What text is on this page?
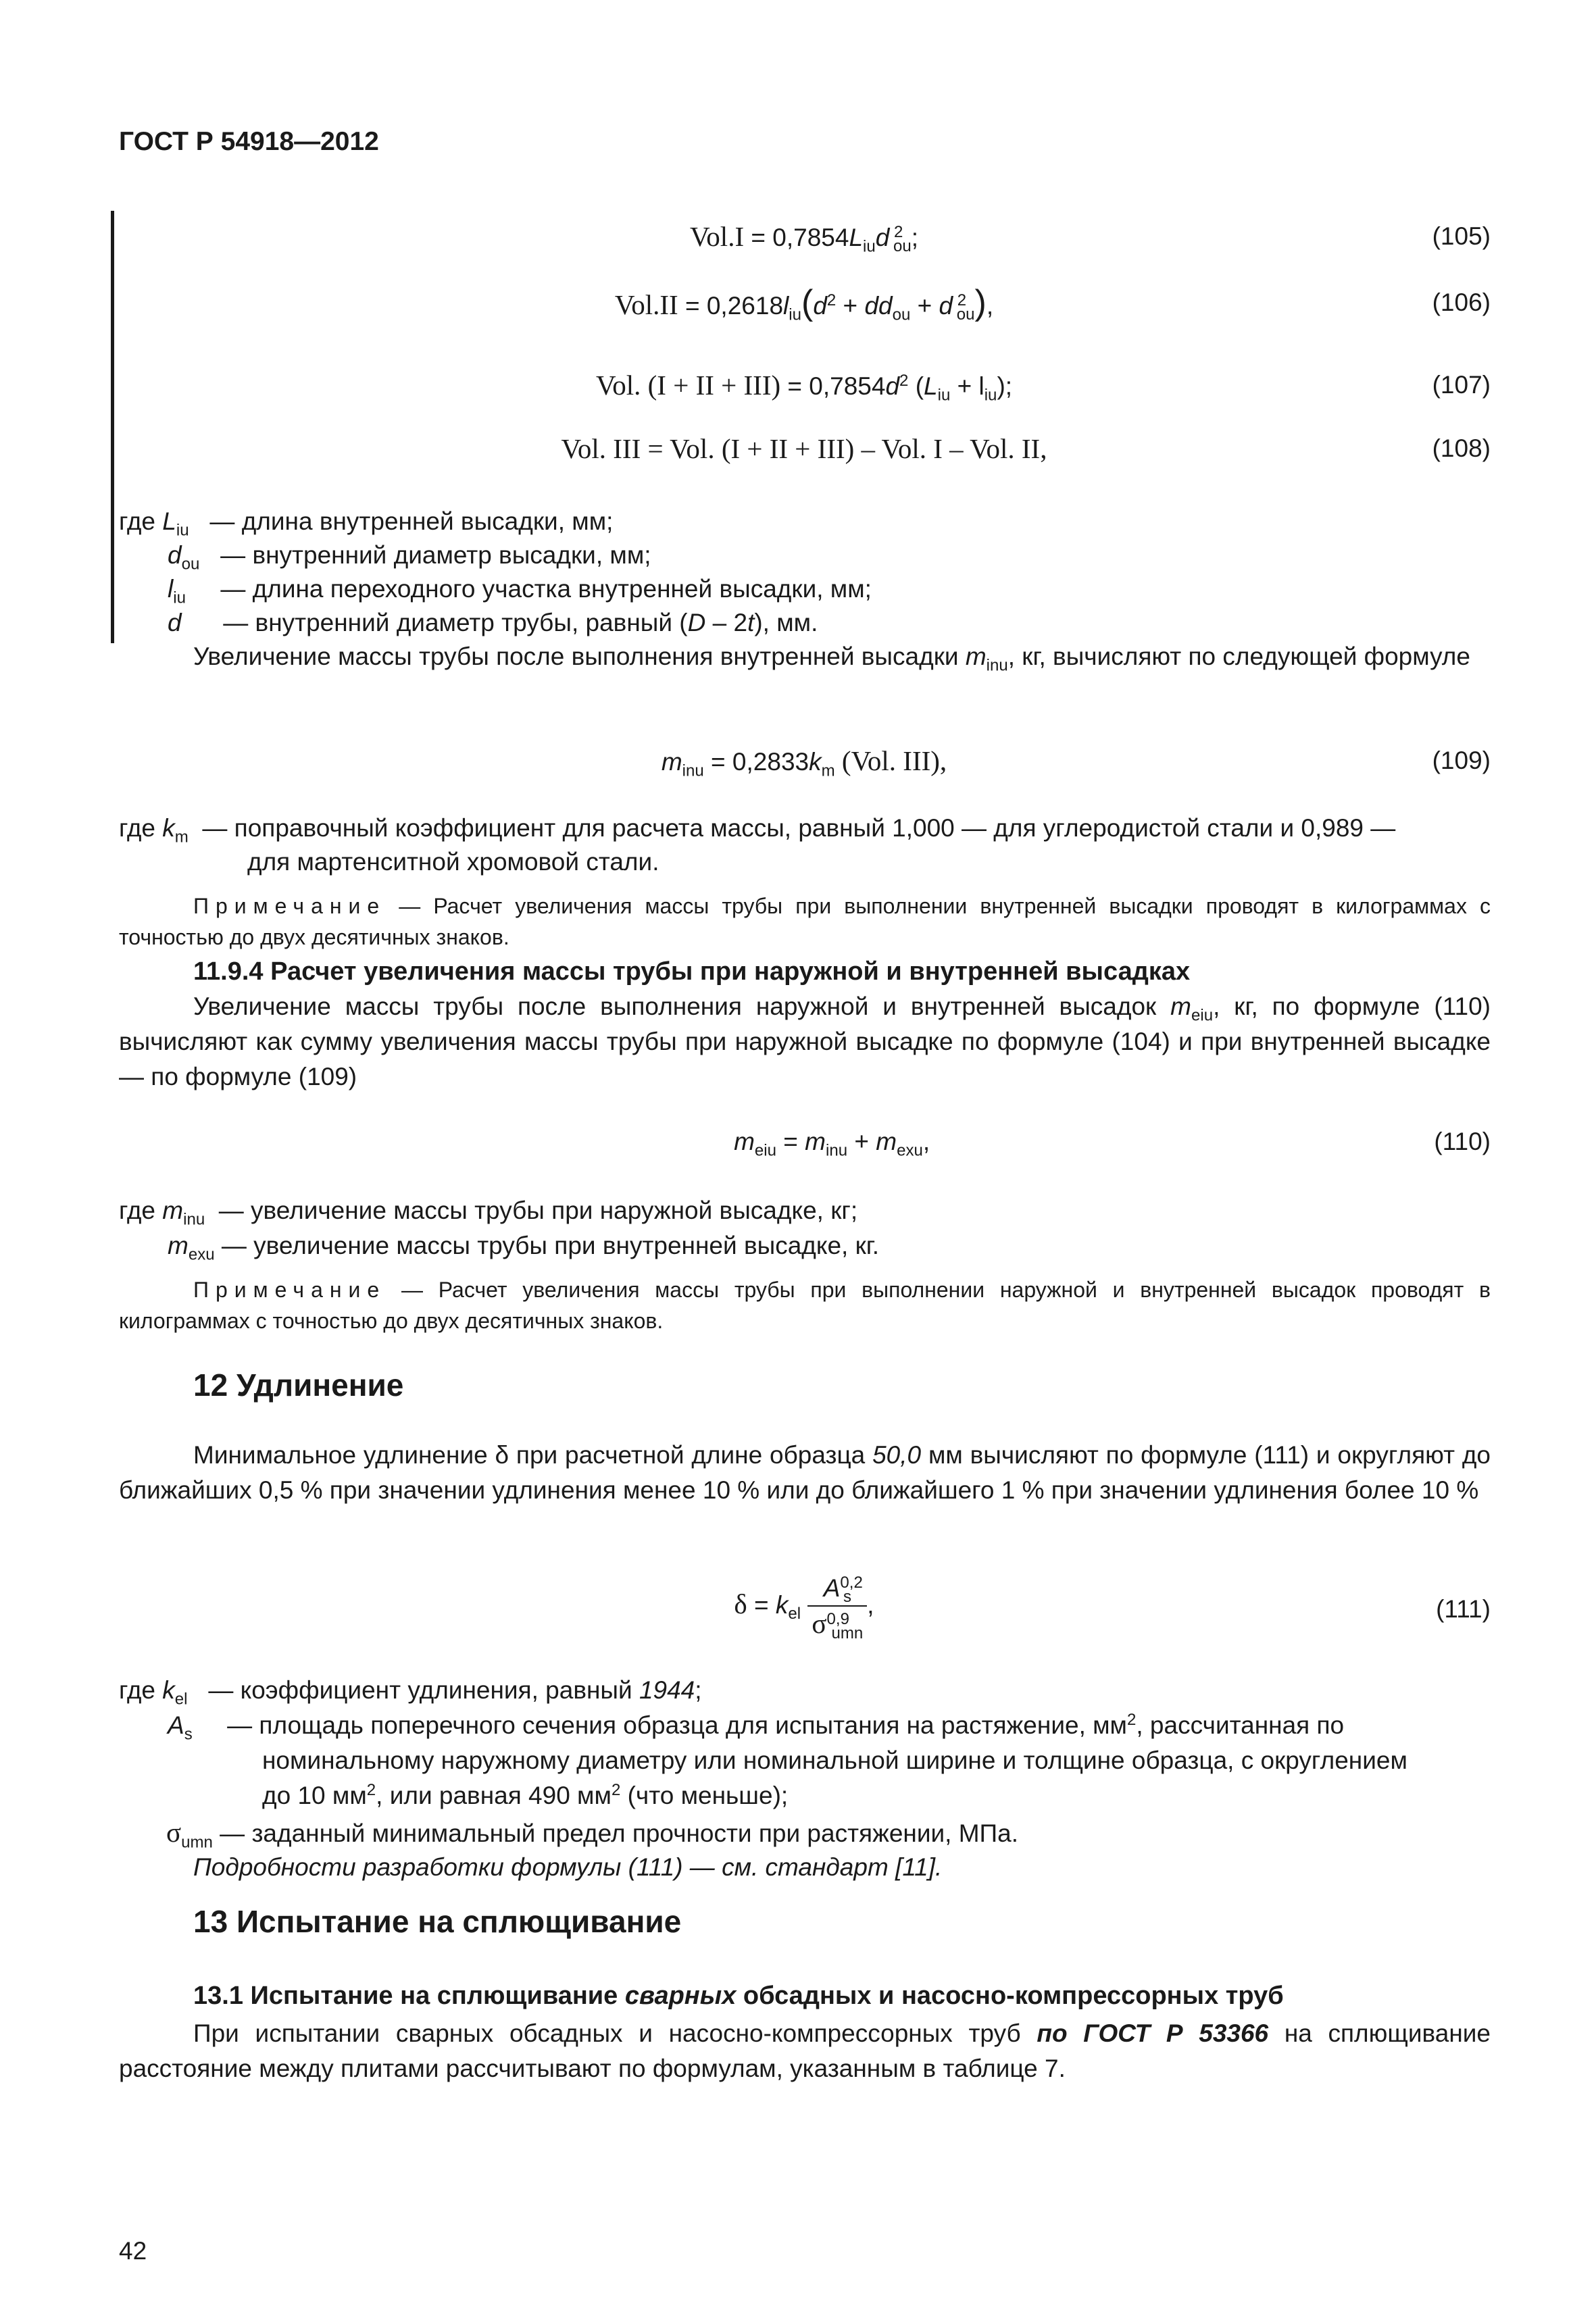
ГОСТ Р 54918—2012
$Vol.I = 0,7854L_{iu}d$ $^2_{ou}$;	(105)
$Vol.II = 0,2618l_{iu}(d^2 + dd_{ou} + d$ $^2_{ou}$),	(106)
Vol. (I + II + $III) = 0,7854d^2$ $(L_{iu} + l_{iu})$;	(107)
Vol. III = Vol. (I + II + III) – Vol. I – Vol. II,	(108)
где $L_{iu}$ — длина внутренней высадки, мм;
$d_{ou}$ — внутренний диаметр высадки, мм;
$l_{iu}$ — длина переходного участка внутренней высадки, мм;
d — внутренний диаметр трубы, равный (D – 2t), мм.
Увеличение массы трубы после выполнения внутренней высадки $m_{inu}$, кг, вычисляют по следующей формуле
$m_{inu} = 0,2833k_m$ (Vol. III),	(109)
где $k_m$ — поправочный коэффициент для расчета массы, равный 1,000 — для углеродистой стали и 0,989 —
для мартенситной хромовой стали.
Примечание — Расчет увеличения массы трубы при выполнении внутренней высадки проводят в килограммах с точностью до двух десятичных знаков.
11.9.4 Расчет увеличения массы трубы при наружной и внутренней высадках
Увеличение массы трубы после выполнения наружной и внутренней высадок $m_{eiu}$, кг, по формуле (110) вычисляют как сумму увеличения массы трубы при наружной высадке по формуле (104) и при внутренней высадке — по формуле (109)
$m_{eiu} = m_{inu} + m_{exu}$,	(110)
где $m_{inu}$ — увеличение массы трубы при наружной высадке, кг;
$m_{exu}$ — увеличение массы трубы при внутренней высадке, кг.
Примечание — Расчет увеличения массы трубы при выполнении наружной и внутренней высадок проводят в килограммах с точностью до двух десятичных знаков.
12 Удлинение
Минимальное удлинение δ при расчетной длине образца 50,0 мм вычисляют по формуле (111) и округляют до ближайших 0,5 % при значении удлинения менее 10 % или до ближайшего 1 % при значении удлинения более 10 %
$\delta = k_{el} \frac{A^{0,2}_s}{\sigma^{0,9}_{umn}}$ ,	(111)
где $k_{el}$ — коэффициент удлинения, равный 1944;
$A_s$ — площадь поперечного сечения образца для испытания на растяжение, $мм^2$, рассчитанная по
номинальному наружному диаметру или номинальной ширине и толщине образца, с округлением
до 10 $мм^2$, или равная 490 $мм^2$ (что меньше);
$\sigma_{umn}$ — заданный минимальный предел прочности при растяжении, МПа.
Подробности разработки формулы (111) — см. стандарт [11].
13 Испытание на сплющивание
13.1 Испытание на сплющивание сварных обсадных и насосно-компрессорных труб
При испытании сварных обсадных и насосно-компрессорных труб по ГОСТ Р 53366 на сплющивание расстояние между плитами рассчитывают по формулам, указанным в таблице 7.
42
